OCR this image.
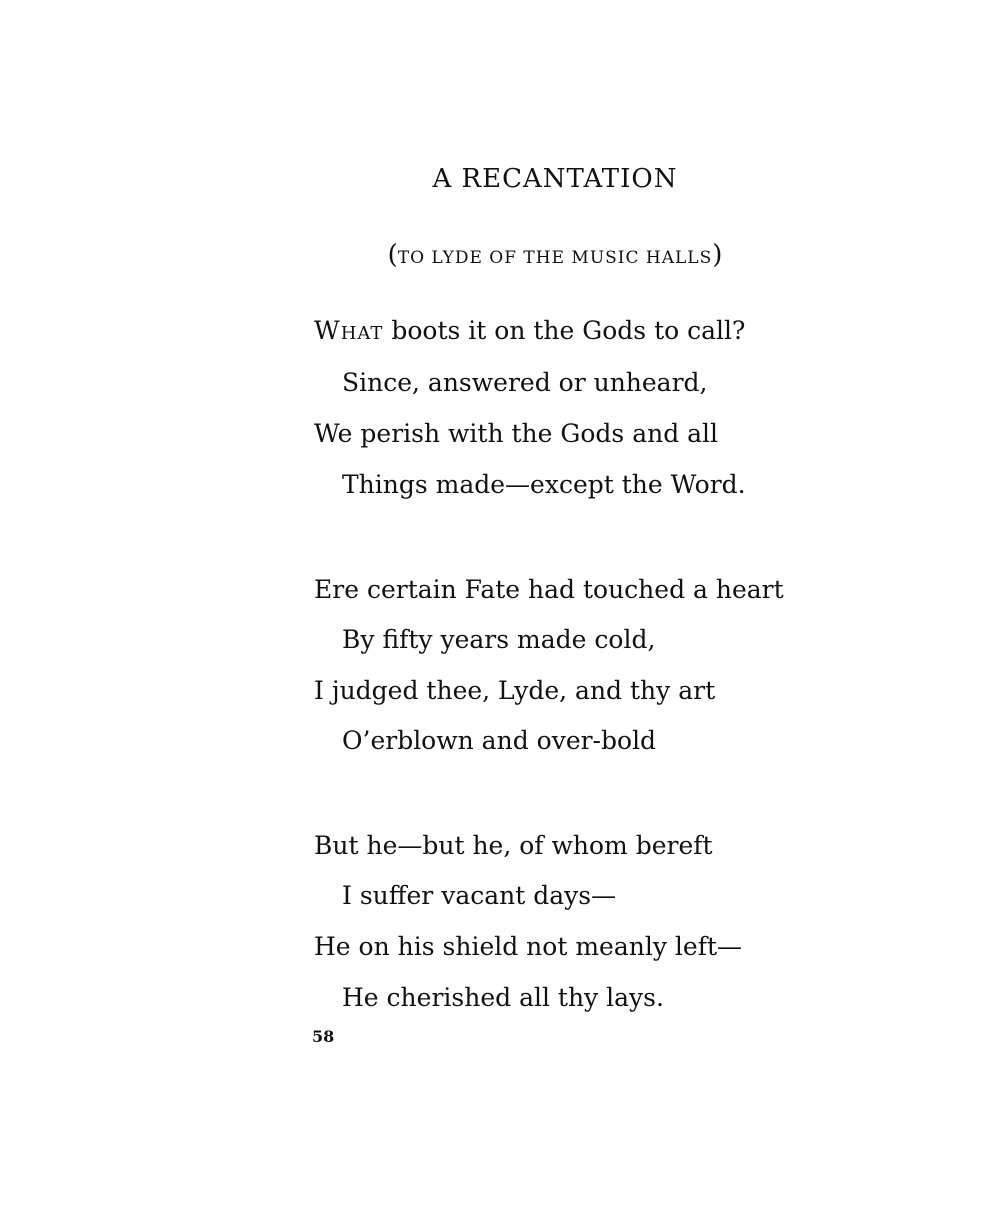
A RECANTATION
(TO LYDE OF THE MUSIC HALLS)
What boots it on the Gods to call?
Since, answered or unheard,
We perish with the Gods and all
Things made—except the Word.
Ere certain Fate had touched a heart
By fifty years made cold,
I judged thee, Lyde, and thy art
O’erblown and over-bold
But he—but he, of whom bereft
I suffer vacant days—
He on his shield not meanly left—
He cherished all thy lays.
58
